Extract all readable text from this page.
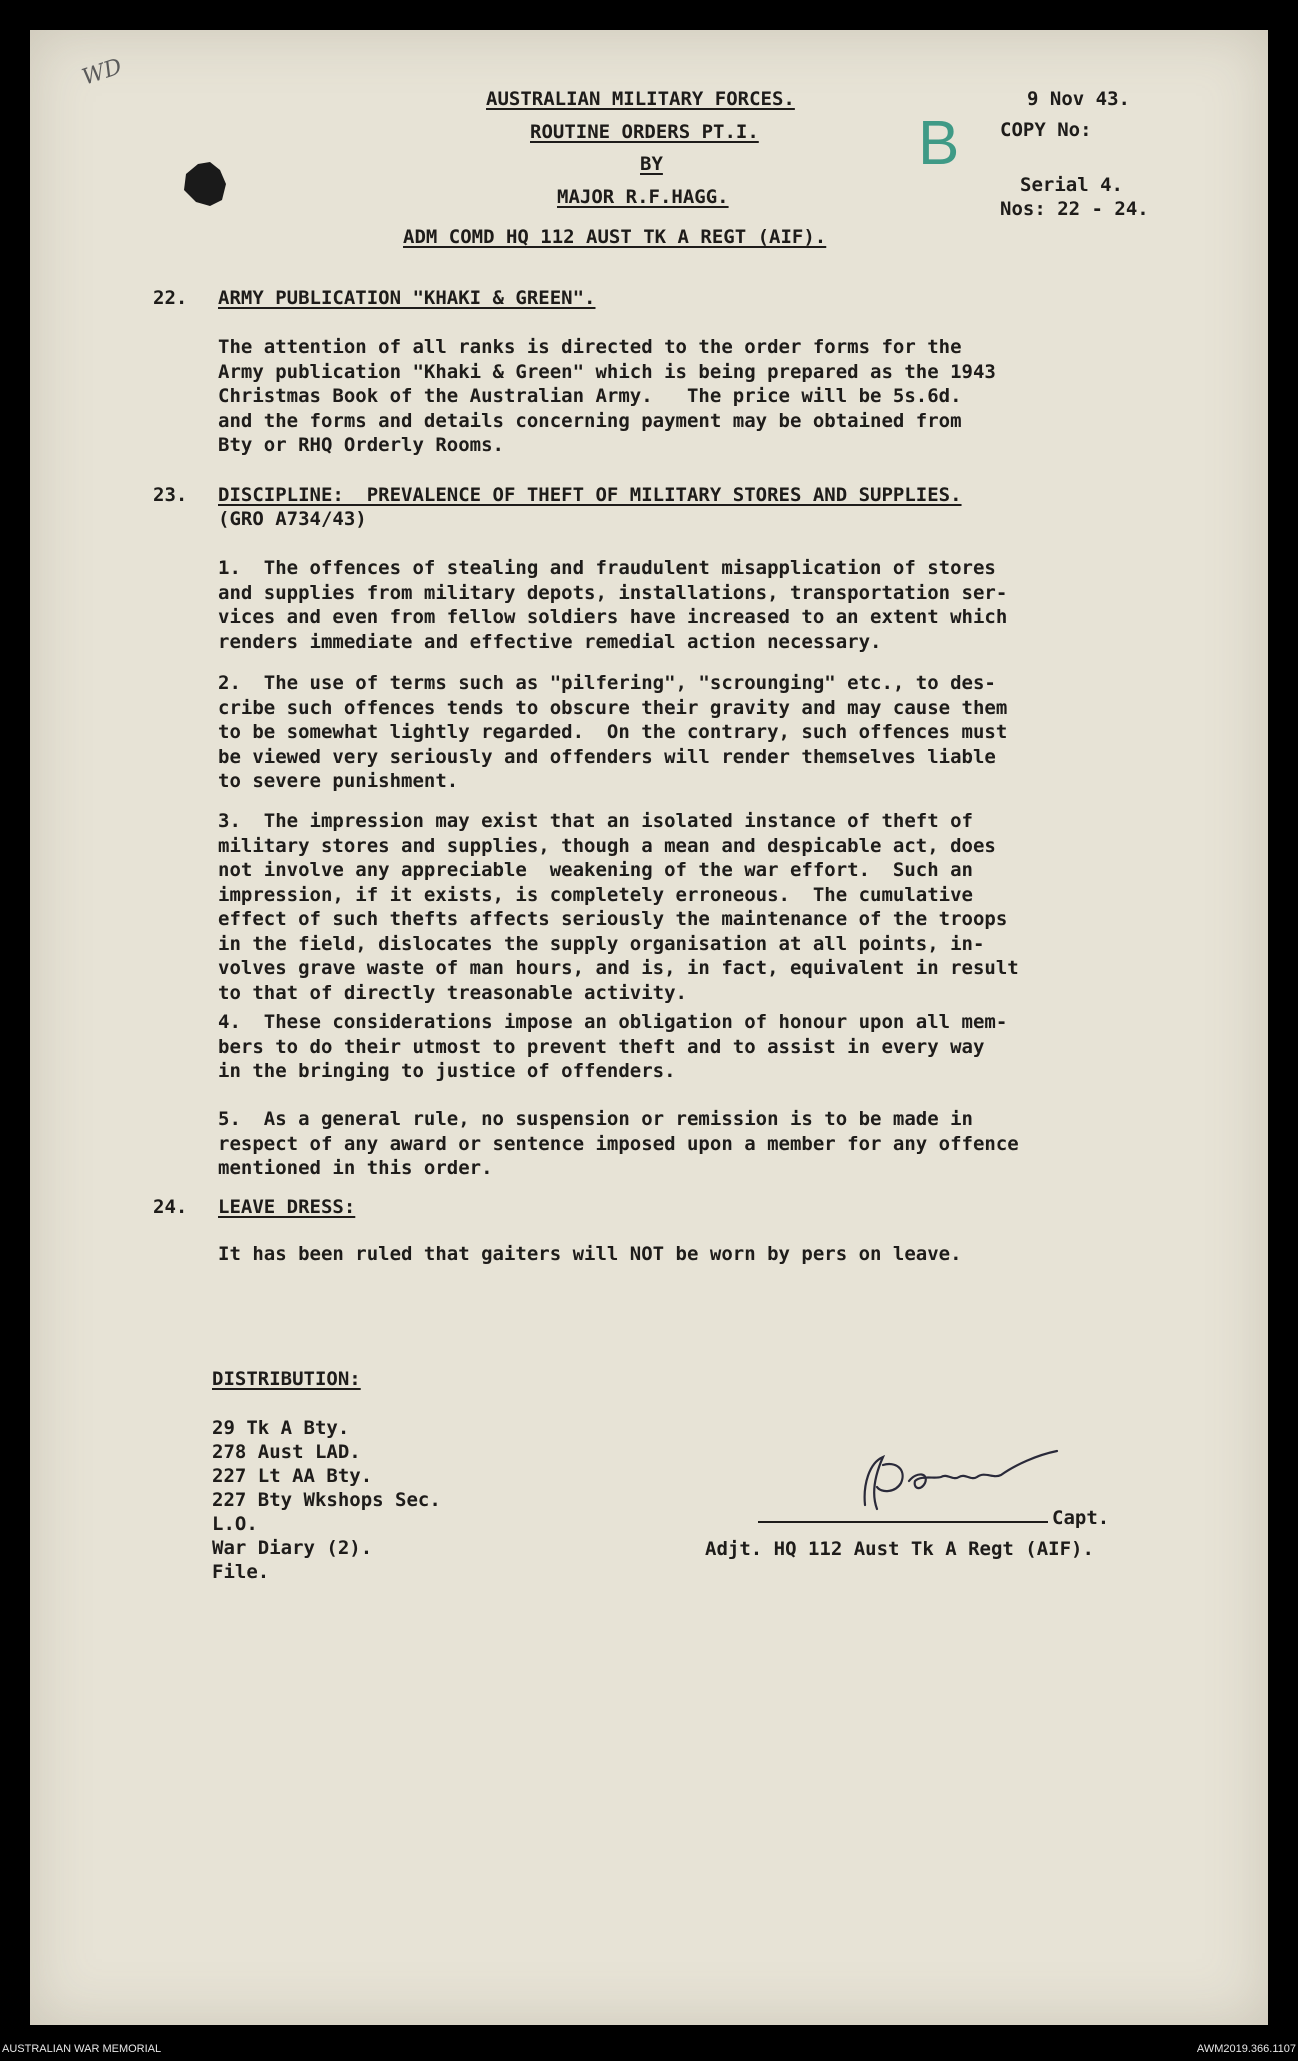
WD
B
AUSTRALIAN MILITARY FORCES.
ROUTINE ORDERS PT.I.
BY
MAJOR R.F.HAGG.
ADM COMD HQ 112 AUST TK A REGT (AIF).
9 Nov 43.
COPY No:
Serial 4.
Nos: 22 - 24.
22. ARMY PUBLICATION "KHAKI & GREEN".
The attention of all ranks is directed to the order forms for the
Army publication "Khaki & Green" which is being prepared as the 1943
Christmas Book of the Australian Army.   The price will be 5s.6d.
and the forms and details concerning payment may be obtained from
Bty or RHQ Orderly Rooms.
23. DISCIPLINE:  PREVALENCE OF THEFT OF MILITARY STORES AND SUPPLIES.
(GRO A734/43)
1.  The offences of stealing and fraudulent misapplication of stores
and supplies from military depots, installations, transportation ser-
vices and even from fellow soldiers have increased to an extent which
renders immediate and effective remedial action necessary.
2.  The use of terms such as "pilfering", "scrounging" etc., to des-
cribe such offences tends to obscure their gravity and may cause them
to be somewhat lightly regarded.  On the contrary, such offences must
be viewed very seriously and offenders will render themselves liable
to severe punishment.
3.  The impression may exist that an isolated instance of theft of
military stores and supplies, though a mean and despicable act, does
not involve any appreciable  weakening of the war effort.  Such an
impression, if it exists, is completely erroneous.  The cumulative
effect of such thefts affects seriously the maintenance of the troops
in the field, dislocates the supply organisation at all points, in-
volves grave waste of man hours, and is, in fact, equivalent in result
to that of directly treasonable activity.
4.  These considerations impose an obligation of honour upon all mem-
bers to do their utmost to prevent theft and to assist in every way
in the bringing to justice of offenders.
5.  As a general rule, no suspension or remission is to be made in
respect of any award or sentence imposed upon a member for any offence
mentioned in this order.
24. LEAVE DRESS:
It has been ruled that gaiters will NOT be worn by pers on leave.
DISTRIBUTION:
29 Tk A Bty.
278 Aust LAD.
227 Lt AA Bty.
227 Bty Wkshops Sec.
L.O.
War Diary (2).
File.
Capt.
Adjt. HQ 112 Aust Tk A Regt (AIF).
AUSTRALIAN WAR MEMORIAL	AWM2019.366.1107
